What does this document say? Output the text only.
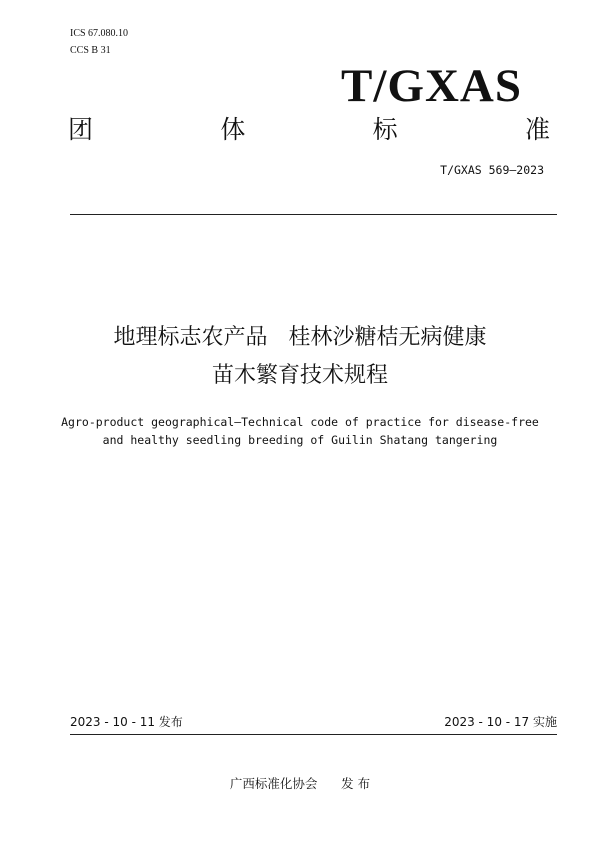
ICS 67.080.10
CCS B 31
T/GXAS
团	体	标	准
T/GXAS 569—2023
地理标志农产品   桂林沙糖桔无病健康
苗木繁育技术规程
Agro-product geographical—Technical code of practice for disease-free
and healthy seedling breeding of Guilin Shatang tangering
2023 - 10 - 11 发布	2023 - 10 - 17 实施
广西标准化协会      发 布
